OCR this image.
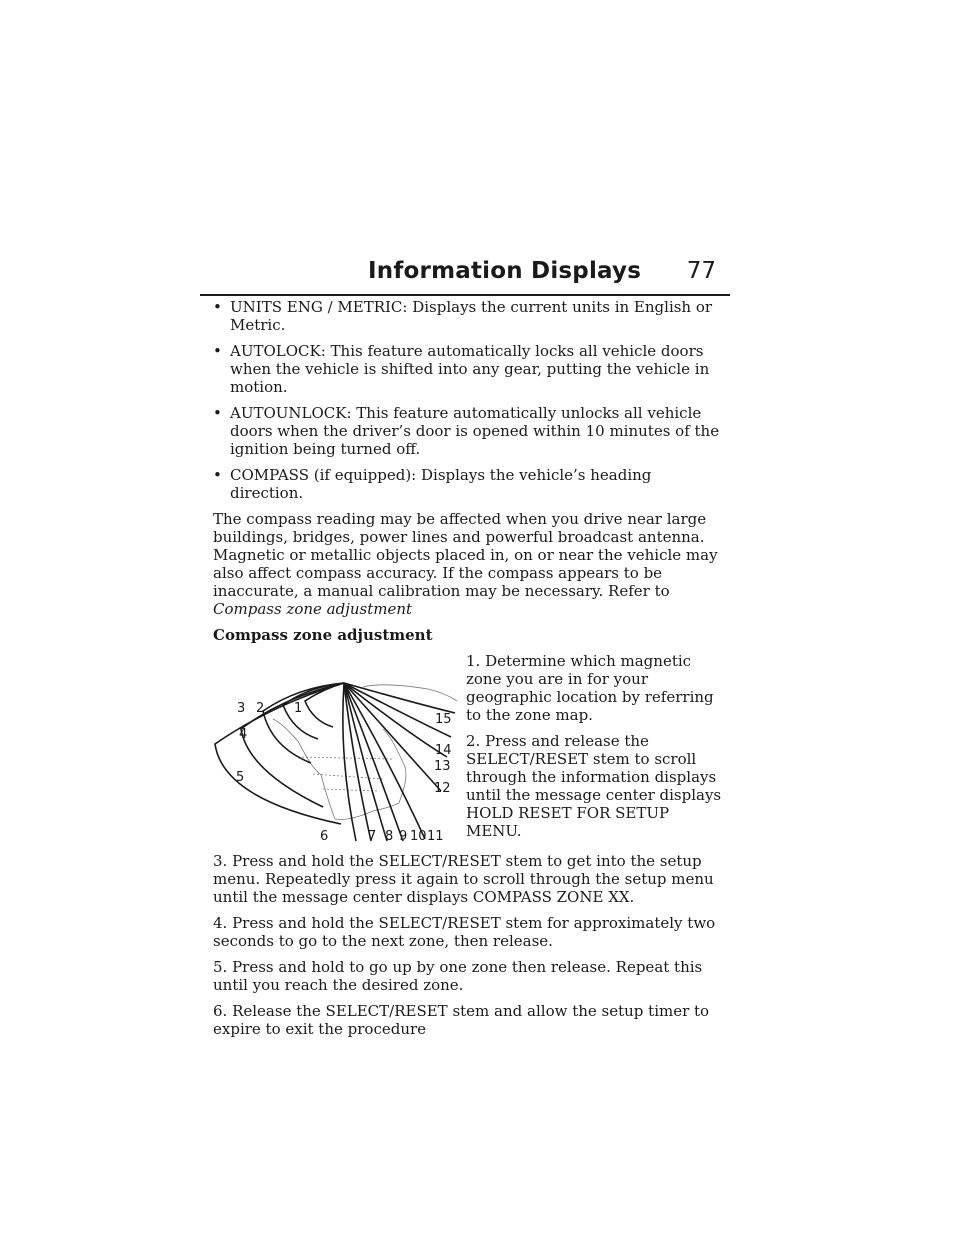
Information Displays 77
• UNITS ENG / METRIC: Displays the current units in English or Metric.
• AUTOLOCK: This feature automatically locks all vehicle doors when the vehicle is shifted into any gear, putting the vehicle in motion.
• AUTOUNLOCK: This feature automatically unlocks all vehicle doors when the driver’s door is opened within 10 minutes of the ignition being turned off.
• COMPASS (if equipped): Displays the vehicle’s heading direction.

The compass reading may be affected when you drive near large buildings, bridges, power lines and powerful broadcast antenna. Magnetic or metallic objects placed in, on or near the vehicle may also affect compass accuracy. If the compass appears to be inaccurate, a manual calibration may be necessary. Refer to Compass zone adjustment

Compass zone adjustment
1
2
3
4
5
6	7 8 9 10 11
12
13
14
15

1. Determine which magnetic zone you are in for your geographic location by referring to the zone map.

2. Press and release the SELECT/RESET stem to scroll through the information displays until the message center displays HOLD RESET FOR SETUP MENU.

3. Press and hold the SELECT/RESET stem to get into the setup menu. Repeatedly press it again to scroll through the setup menu until the message center displays COMPASS ZONE XX.

4. Press and hold the SELECT/RESET stem for approximately two seconds to go to the next zone, then release.

5. Press and hold to go up by one zone then release. Repeat this until you reach the desired zone.

6. Release the SELECT/RESET stem and allow the setup timer to expire to exit the procedure
